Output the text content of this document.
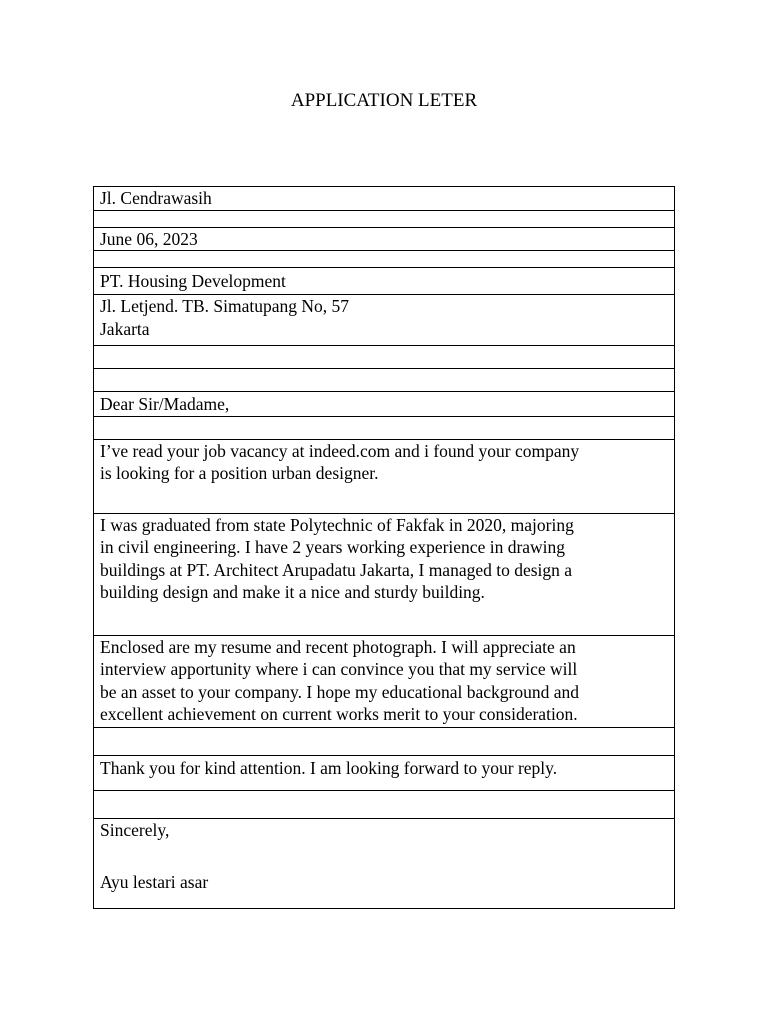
APPLICATION LETER
Jl. Cendrawasih

June 06, 2023

PT. Housing Development

Jl. Letjend. TB. Simatupang No, 57
Jakarta

Dear Sir/Madame,

I’ve read your job vacancy at indeed.com and i found your company
is looking for a position urban designer.

I was graduated from state Polytechnic of Fakfak in 2020, majoring
in civil engineering. I have 2 years working experience in drawing
buildings at PT. Architect Arupadatu Jakarta, I managed to design a
building design and make it a nice and sturdy building.

Enclosed are my resume and recent photograph. I will appreciate an
interview apportunity where i can convince you that my service will
be an asset to your company. I hope my educational background and
excellent achievement on current works merit to your consideration.

Thank you for kind attention. I am looking forward to your reply.

Sincerely,
Ayu lestari asar
